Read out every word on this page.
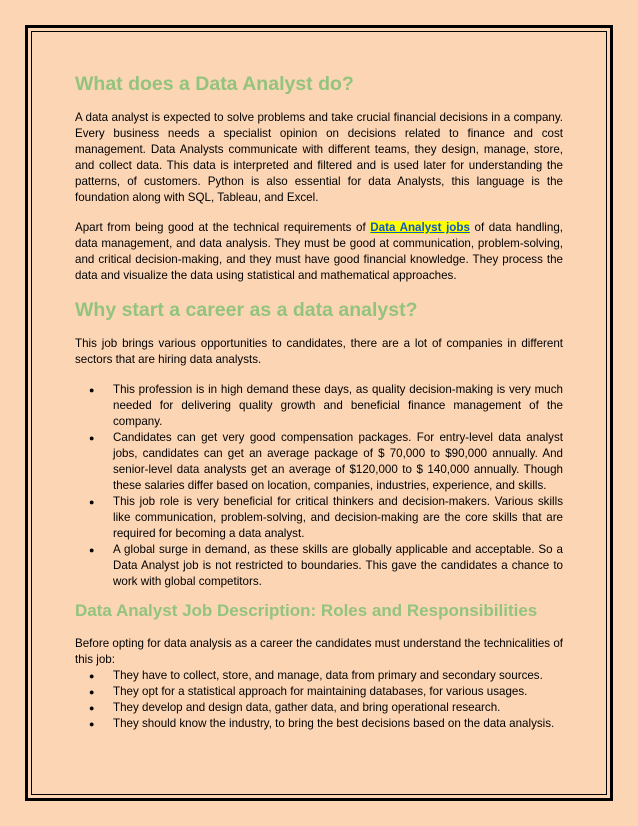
What does a Data Analyst do?

A data analyst is expected to solve problems and take crucial financial decisions in a company. Every business needs a specialist opinion on decisions related to finance and cost management. Data Analysts communicate with different teams, they design, manage, store, and collect data. This data is interpreted and filtered and is used later for understanding the patterns, of customers. Python is also essential for data Analysts, this language is the foundation along with SQL, Tableau, and Excel.

Apart from being good at the technical requirements of Data Analyst jobs of data handling, data management, and data analysis. They must be good at communication, problem-solving, and critical decision-making, and they must have good financial knowledge. They process the data and visualize the data using statistical and mathematical approaches.

Why start a career as a data analyst?

This job brings various opportunities to candidates, there are a lot of companies in different sectors that are hiring data analysts.

● This profession is in high demand these days, as quality decision-making is very much needed for delivering quality growth and beneficial finance management of the company.
● Candidates can get very good compensation packages. For entry-level data analyst jobs, candidates can get an average package of $ 70,000 to $90,000 annually. And senior-level data analysts get an average of $120,000 to $ 140,000 annually. Though these salaries differ based on location, companies, industries, experience, and skills.
● This job role is very beneficial for critical thinkers and decision-makers. Various skills like communication, problem-solving, and decision-making are the core skills that are required for becoming a data analyst.
● A global surge in demand, as these skills are globally applicable and acceptable. So a Data Analyst job is not restricted to boundaries. This gave the candidates a chance to work with global competitors.
Data Analyst Job Description: Roles and Responsibilities

Before opting for data analysis as a career the candidates must understand the technicalities of this job:

● They have to collect, store, and manage, data from primary and secondary sources.
● They opt for a statistical approach for maintaining databases, for various usages.
● They develop and design data, gather data, and bring operational research.
● They should know the industry, to bring the best decisions based on the data analysis.
